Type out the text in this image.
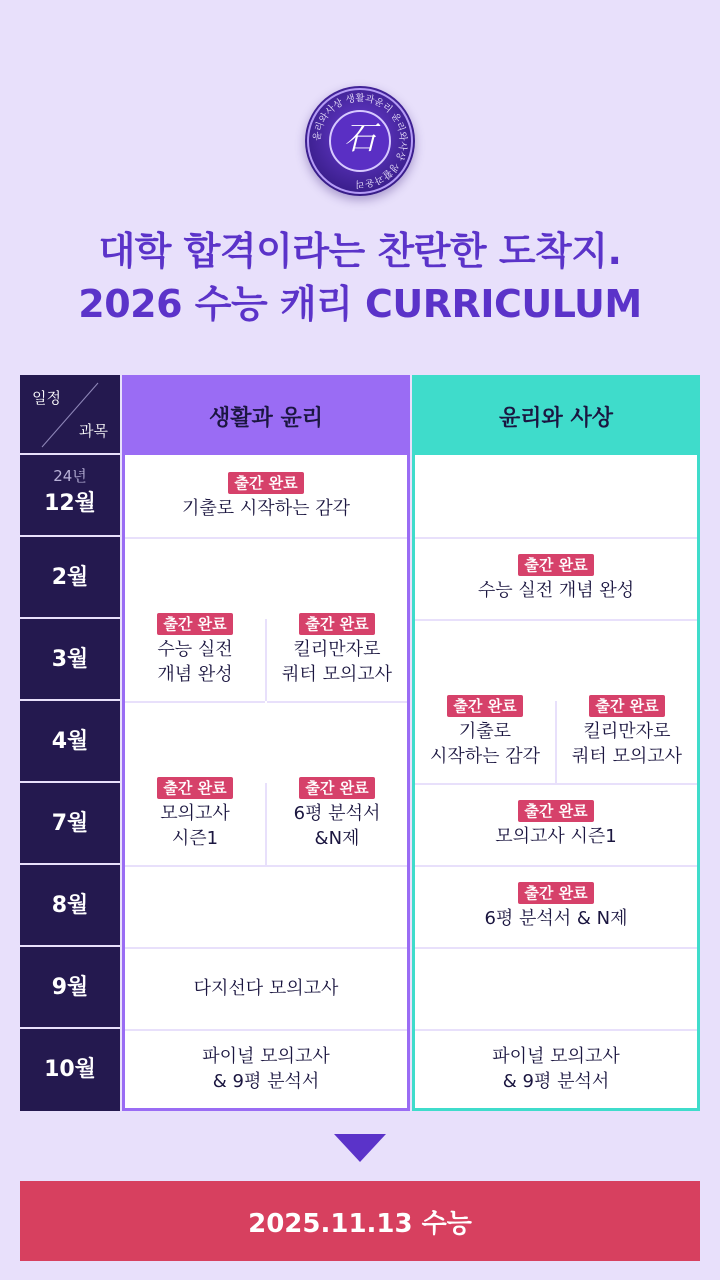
윤리와사상 생활과윤리 윤리와사상 생활과윤리
石
대학 합격이라는 찬란한 도착지.
2026 수능 캐리 CURRICULUM
일정
과목
24년
12월
2월
3월
4월
7월
8월
9월
10월
생활과 윤리
출간 완료
기출로 시작하는 감각
출간 완료
수능 실전
개념 완성
출간 완료
킬리만자로
쿼터 모의고사
출간 완료
모의고사
시즌1
출간 완료
6평 분석서
&N제
다지선다 모의고사
파이널 모의고사
& 9평 분석서
윤리와 사상
출간 완료
수능 실전 개념 완성
출간 완료
기출로
시작하는 감각
출간 완료
킬리만자로
쿼터 모의고사
출간 완료
모의고사 시즌1
출간 완료
6평 분석서 & N제
파이널 모의고사
& 9평 분석서
2025.11.13 수능
